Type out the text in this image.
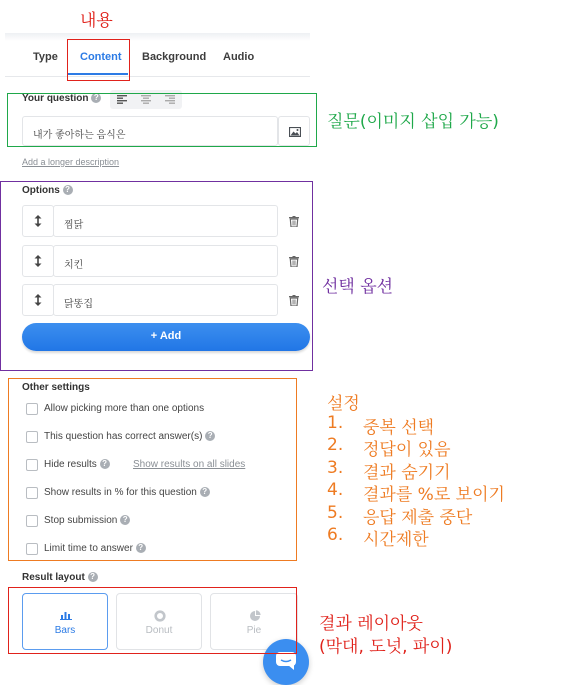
Type Content Background Audio
Your question ?
내가 좋아하는 음식은
Add a longer description
Options ?
찜닭
치킨
닭똥집
+ Add
Other settings
Allow picking more than one options
This question has correct answer(s) ?
Hide results ?	Show results on all slides
Show results in % for this question ?
Stop submission ?
Limit time to answer ?
Result layout ?
Bars	Donut	Pie
내용
질문(이미지 삽입 가능)
선택 옵션
설정
1. 중복 선택
2. 정답이 있음
3. 결과 숨기기
4. 결과를 %로 보이기
5. 응답 제출 중단
6. 시간제한
결과 레이아웃
(막대, 도넛, 파이)
